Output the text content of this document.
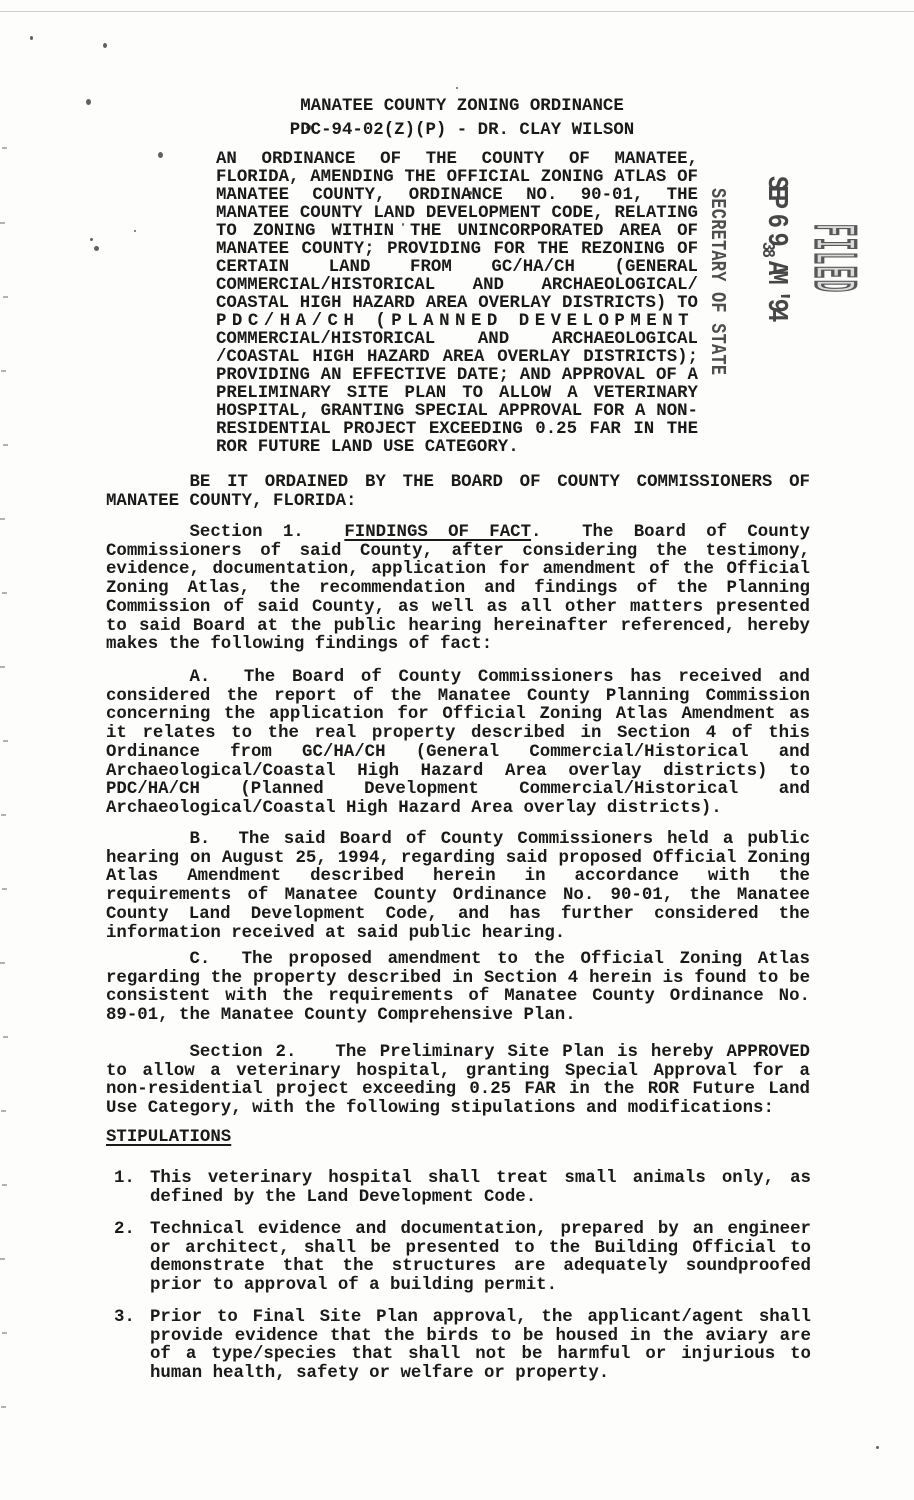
MANATEE COUNTY ZONING ORDINANCE
PDC-94-02(Z)(P) - DR. CLAY WILSON
SECRETARY OF STATE SEP 6 $9_{38}AM$ '94 FILED
AN ORDINANCE OF THE COUNTY OF MANATEE,
FLORIDA, AMENDING THE OFFICIAL ZONING ATLAS OF
MANATEE COUNTY, ORDINANCE NO. 90-01, THE
MANATEE COUNTY LAND DEVELOPMENT CODE, RELATING
TO ZONING WITHIN THE UNINCORPORATED AREA OF
MANATEE COUNTY; PROVIDING FOR THE REZONING OF
CERTAIN LAND FROM GC/⁠HA/⁠CH (GENERAL
COMMERCIAL/⁠HISTORICAL AND ARCHAEOLOGICAL/⁠
COASTAL HIGH HAZARD AREA OVERLAY DISTRICTS) TO
PDC/⁠HA/⁠CH (PLANNED DEVELOPMENT
COMMERCIAL/⁠HISTORICAL AND ARCHAEOLOGICAL
/⁠COASTAL HIGH HAZARD AREA OVERLAY DISTRICTS);
PROVIDING AN EFFECTIVE DATE; AND APPROVAL OF A
PRELIMINARY SITE PLAN TO ALLOW A VETERINARY
HOSPITAL, GRANTING SPECIAL APPROVAL FOR A NON-
RESIDENTIAL PROJECT EXCEEDING 0.25 FAR IN THE
ROR FUTURE LAND USE CATEGORY.
BE IT ORDAINED BY THE BOARD OF COUNTY COMMISSIONERS OF MANATEE COUNTY, FLORIDA:
Section 1.  FINDINGS OF FACT.  The Board of County Commissioners of said County, after considering the testimony, evidence, documentation, application for amendment of the Official Zoning Atlas, the recommendation and findings of the Planning Commission of said County, as well as all other matters presented to said Board at the public hearing hereinafter referenced, hereby makes the following findings of fact:
A.  The Board of County Commissioners has received and considered the report of the Manatee County Planning Commission concerning the application for Official Zoning Atlas Amendment as it relates to the real property described in Section 4 of this Ordinance from GC/⁠HA/⁠CH (General Commercial/⁠Historical and Archaeological/⁠Coastal High Hazard Area overlay districts) to PDC/⁠HA/⁠CH (Planned Development Commercial/⁠Historical and Archaeological/⁠Coastal High Hazard Area overlay districts).
B.  The said Board of County Commissioners held a public hearing on August 25, 1994, regarding said proposed Official Zoning Atlas Amendment described herein in accordance with the requirements of Manatee County Ordinance No. 90-01, the Manatee County Land Development Code, and has further considered the information received at said public hearing.
C.  The proposed amendment to the Official Zoning Atlas regarding the property described in Section 4 herein is found to be consistent with the requirements of Manatee County Ordinance No. 89-01, the Manatee County Comprehensive Plan.
Section 2.   The Preliminary Site Plan is hereby APPROVED to allow a veterinary hospital, granting Special Approval for a non-residential project exceeding 0.25 FAR in the ROR Future Land Use Category, with the following stipulations and modifications:
STIPULATIONS
1. This veterinary hospital shall treat small animals only, as defined by the Land Development Code.
2. Technical evidence and documentation, prepared by an engineer or architect, shall be presented to the Building Official to demonstrate that the structures are adequately soundproofed prior to approval of a building permit.
3. Prior to Final Site Plan approval, the applicant/⁠agent shall provide evidence that the birds to be housed in the aviary are of a type/⁠species that shall not be harmful or injurious to human health, safety or welfare or property.
